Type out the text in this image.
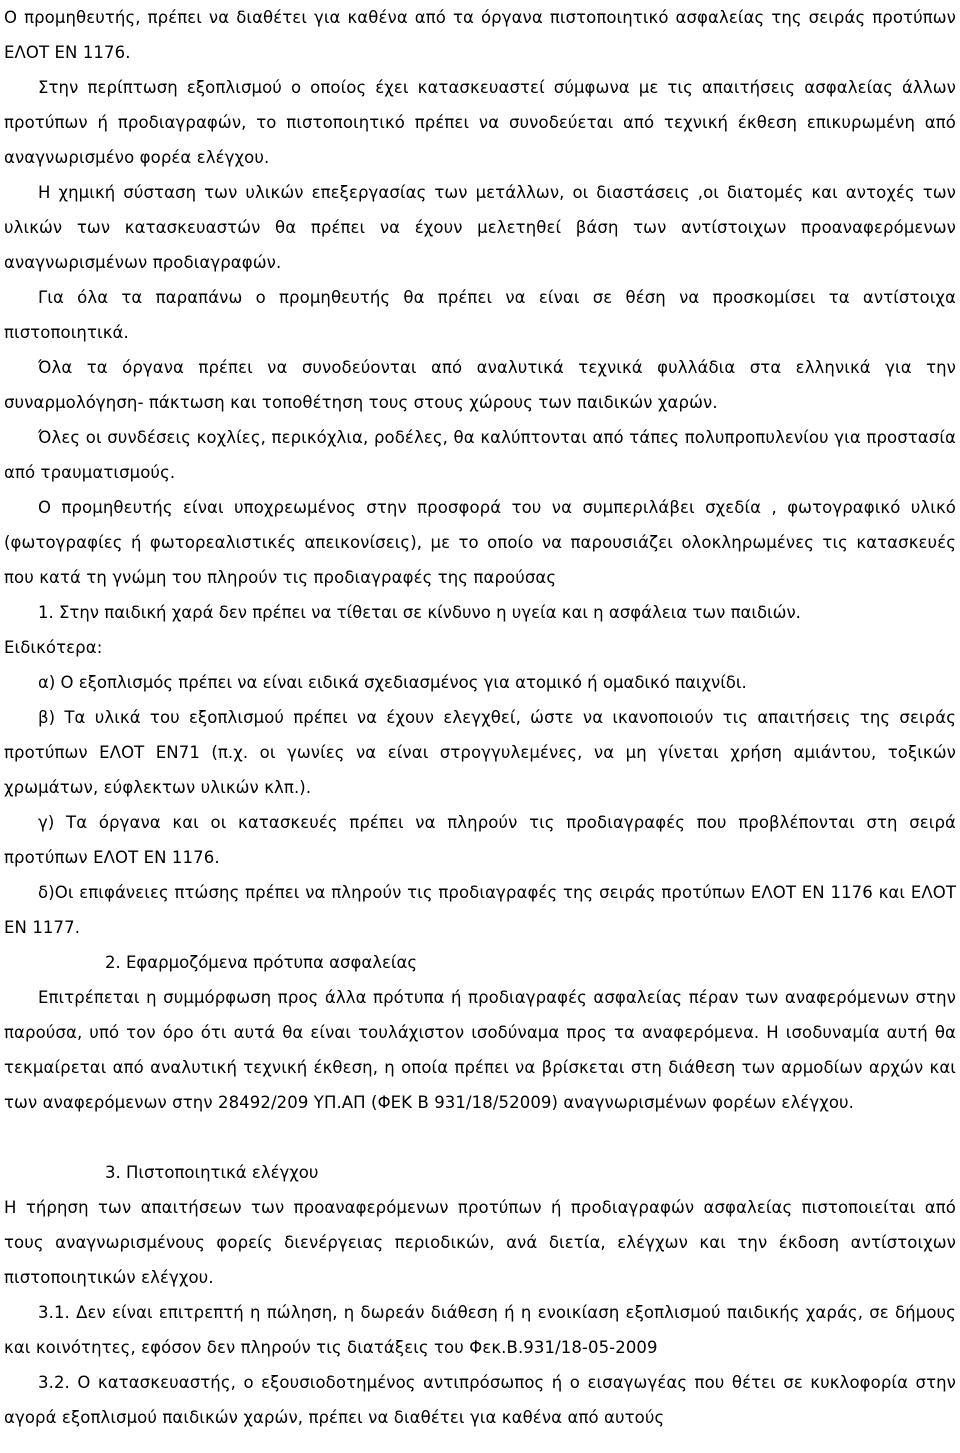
Ο προμηθευτής, πρέπει να διαθέτει για καθένα από τα όργανα πιστοποιητικό ασφαλείας της σειράς προτύπων ΕΛΟΤ ΕΝ 1176.

Στην περίπτωση εξοπλισμού ο οποίος έχει κατασκευαστεί σύμφωνα με τις απαιτήσεις ασφαλείας άλλων προτύπων ή προδιαγραφών, το πιστοποιητικό πρέπει να συνοδεύεται από τεχνική έκθεση επικυρωμένη από αναγνωρισμένο φορέα ελέγχου.

Η χημική σύσταση των υλικών επεξεργασίας των μετάλλων, οι διαστάσεις ,οι διατομές και αντοχές των υλικών των κατασκευαστών θα πρέπει να έχουν μελετηθεί βάση των αντίστοιχων προαναφερόμενων αναγνωρισμένων προδιαγραφών.

Για όλα τα παραπάνω ο προμηθευτής θα πρέπει να είναι σε θέση να προσκομίσει τα αντίστοιχα πιστοποιητικά.

Όλα τα όργανα πρέπει να συνοδεύονται από αναλυτικά τεχνικά φυλλάδια στα ελληνικά για την συναρμολόγηση- πάκτωση και τοποθέτηση τους στους χώρους των παιδικών χαρών.

Όλες οι συνδέσεις κοχλίες, περικόχλια, ροδέλες, θα καλύπτονται από τάπες πολυπροπυλενίου για προστασία από τραυματισμούς.

Ο προμηθευτής είναι υποχρεωμένος στην προσφορά του να συμπεριλάβει σχεδία , φωτογραφικό υλικό (φωτογραφίες ή φωτορεαλιστικές απεικονίσεις), με το οποίο να παρουσιάζει ολοκληρωμένες τις κατασκευές που κατά τη γνώμη του πληρούν τις προδιαγραφές της παρούσας

1. Στην παιδική χαρά δεν πρέπει να τίθεται σε κίνδυνο η υγεία και η ασφάλεια των παιδιών.

Ειδικότερα:

α) Ο εξοπλισμός πρέπει να είναι ειδικά σχεδιασμένος για ατομικό ή ομαδικό παιχνίδι.

β) Τα υλικά του εξοπλισμού πρέπει να έχουν ελεγχθεί, ώστε να ικανοποιούν τις απαιτήσεις της σειράς προτύπων ΕΛΟΤ ΕΝ71 (π.χ. οι γωνίες να είναι στρογγυλεμένες, να μη γίνεται χρήση αμιάντου, τοξικών χρωμάτων, εύφλεκτων υλικών κλπ.).

γ) Τα όργανα και οι κατασκευές πρέπει να πληρούν τις προδιαγραφές που προβλέπονται στη σειρά προτύπων ΕΛΟΤ ΕΝ 1176.

δ)Οι επιφάνειες πτώσης πρέπει να πληρούν τις προδιαγραφές της σειράς προτύπων ΕΛΟΤ ΕΝ 1176 και ΕΛΟΤ ΕΝ 1177.

2. Εφαρμοζόμενα πρότυπα ασφαλείας

Επιτρέπεται η συμμόρφωση προς άλλα πρότυπα ή προδιαγραφές ασφαλείας πέραν των αναφερόμενων στην παρούσα, υπό τον όρο ότι αυτά θα είναι τουλάχιστον ισοδύναμα προς τα αναφερόμενα. Η ισοδυναμία αυτή θα τεκμαίρεται από αναλυτική τεχνική έκθεση, η οποία πρέπει να βρίσκεται στη διάθεση των αρμοδίων αρχών και των αναφερόμενων στην 28492/209 ΥΠ.ΑΠ (ΦΕΚ Β 931/18/52009) αναγνωρισμένων φορέων ελέγχου.

3. Πιστοποιητικά ελέγχου

Η τήρηση των απαιτήσεων των προαναφερόμενων προτύπων ή προδιαγραφών ασφαλείας πιστοποιείται από τους αναγνωρισμένους φορείς διενέργειας περιοδικών, ανά διετία, ελέγχων και την έκδοση αντίστοιχων πιστοποιητικών ελέγχου.

3.1. Δεν είναι επιτρεπτή η πώληση, η δωρεάν διάθεση ή η ενοικίαση εξοπλισμού παιδικής χαράς, σε δήμους και κοινότητες, εφόσον δεν πληρούν τις διατάξεις του Φεκ.Β.931/18-05-2009

3.2. Ο κατασκευαστής, ο εξουσιοδοτημένος αντιπρόσωπος ή ο εισαγωγέας που θέτει σε κυκλοφορία στην αγορά εξοπλισμού παιδικών χαρών, πρέπει να διαθέτει για καθένα από αυτούς
